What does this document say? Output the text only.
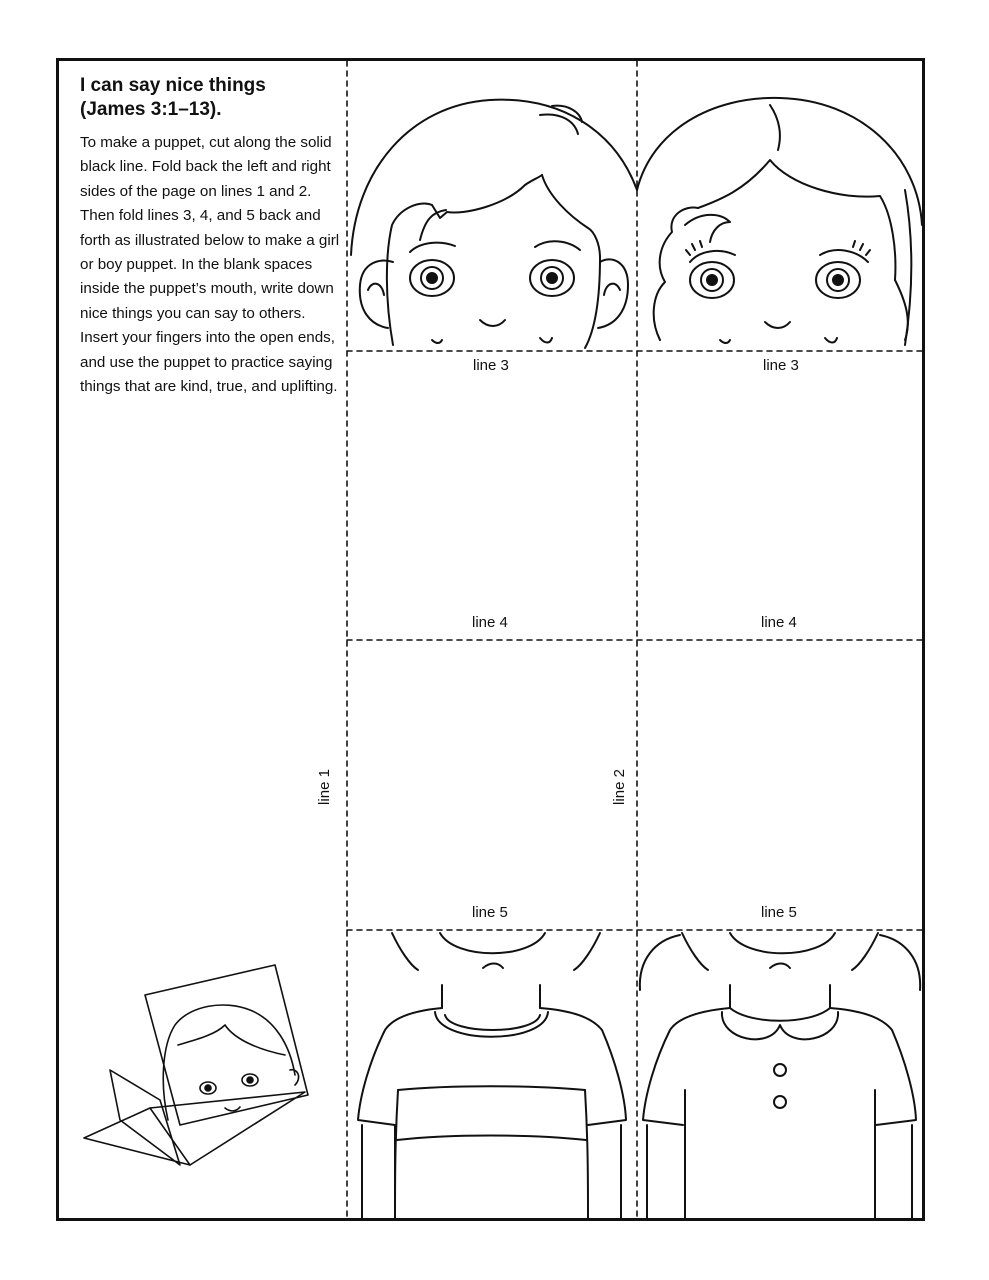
I can say nice things
(James 3:1–13).

To make a puppet, cut along the solid black line. Fold back the left and right sides of the page on lines 1 and 2. Then fold lines 3, 4, and 5 back and forth as illustrated below to make a girl or boy puppet. In the blank spaces inside the puppet’s mouth, write down nice things you can say to others. Insert your fingers into the open ends, and use the puppet to practice saying things that are kind, true, and uplifting.

line 3	line 3
line 4	line 4
line 5	line 5
line 1	line 2
